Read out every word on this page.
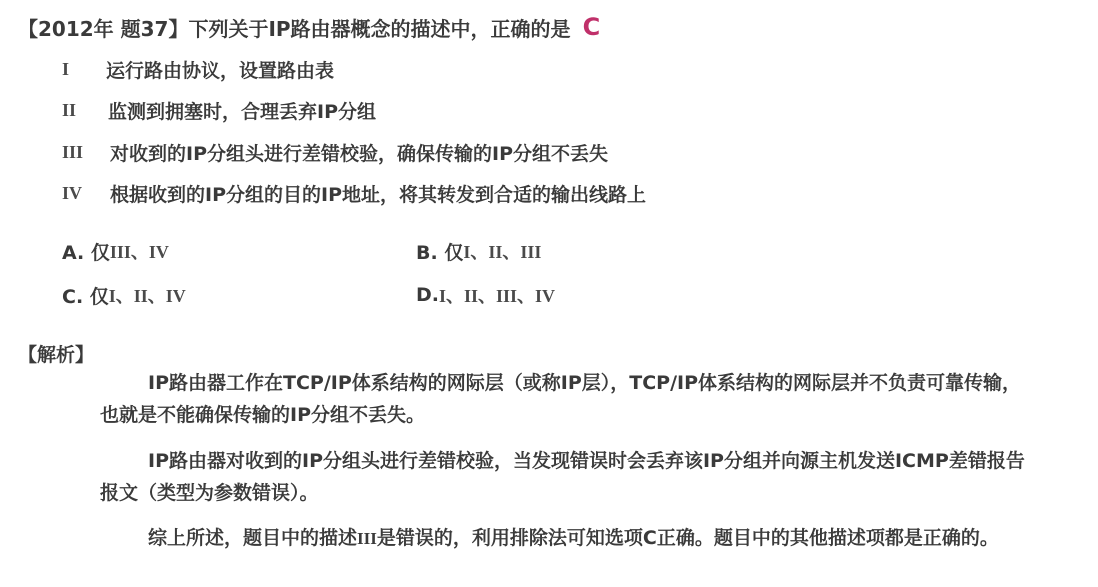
【2012年 题37】下列关于IP路由器概念的描述中，正确的是 C
I	运行路由协议，设置路由表
II	监测到拥塞时，合理丢弃IP分组
III	对收到的IP分组头进行差错校验，确保传输的IP分组不丢失
IV	根据收到的IP分组的目的IP地址，将其转发到合适的输出线路上
A. 仅 III、IV	B. 仅 I、II、III
C. 仅 I、II、IV	D. I、II、III、IV
【解析】

IP路由器工作在TCP/IP体系结构的网际层（或称IP层），TCP/IP体系结构的网际层并不负责可靠传输，也就是不能确保传输的IP分组不丢失。

IP路由器对收到的IP分组头进行差错校验，当发现错误时会丢弃该IP分组并向源主机发送ICMP差错报告报文（类型为参数错误）。

综上所述，题目中的描述III是错误的，利用排除法可知选项C正确。题目中的其他描述项都是正确的。
